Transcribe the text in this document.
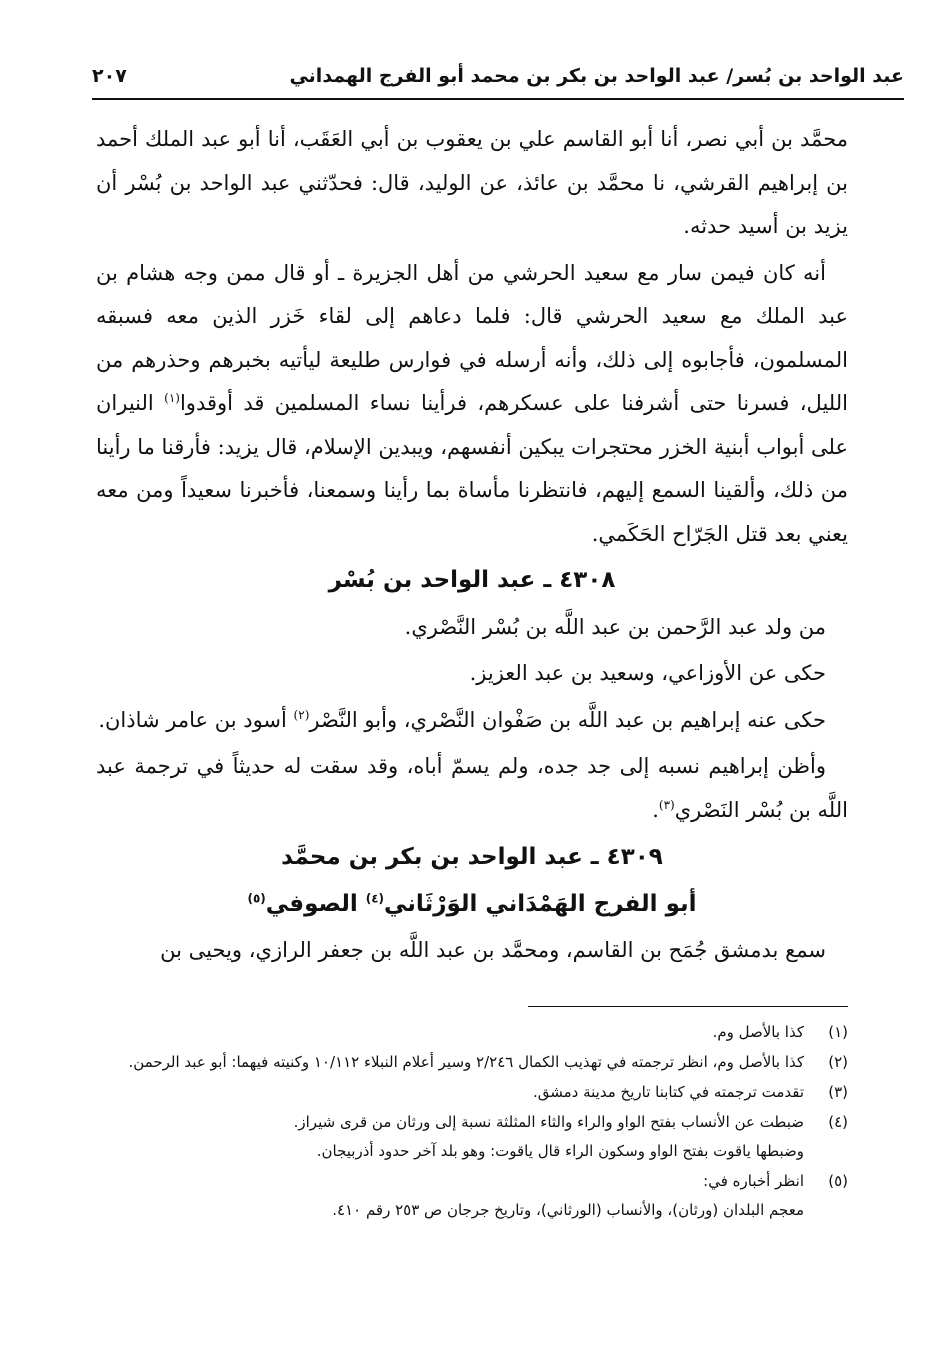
عبد الواحد بن بُسر/ عبد الواحد بن بكر بن محمد أبو الفرج الهمداني
٢٠٧

محمَّد بن أبي نصر، أنا أبو القاسم علي بن يعقوب بن أبي العَقَب، أنا أبو عبد الملك أحمد بن إبراهيم القرشي، نا محمَّد بن عائذ، عن الوليد، قال: فحدّثني عبد الواحد بن بُسْر أن يزيد بن أسيد حدثه.

أنه كان فيمن سار مع سعيد الحرشي من أهل الجزيرة ـ أو قال ممن وجه هشام بن عبد الملك مع سعيد الحرشي قال: فلما دعاهم إلى لقاء خَزر الذين معه فسبقه المسلمون، فأجابوه إلى ذلك، وأنه أرسله في فوارس طليعة ليأتيه بخبرهم وحذرهم من الليل، فسرنا حتى أشرفنا على عسكرهم، فرأينا نساء المسلمين قد أوقدوا$^{(١)}$ النيران على أبواب أبنية الخزر محتجرات يبكين أنفسهم، ويبدين الإسلام، قال يزيد: فأرقنا ما رأينا من ذلك، وألقينا السمع إليهم، فانتظرنا مأساة بما رأينا وسمعنا، فأخبرنا سعيداً ومن معه يعني بعد قتل الجَرّاح الحَكَمي.

٤٣٠٨ ـ عبد الواحد بن بُسْر

من ولد عبد الرَّحمن بن عبد اللَّه بن بُسْر النَّصْري.

حكى عن الأوزاعي، وسعيد بن عبد العزيز.

حكى عنه إبراهيم بن عبد اللَّه بن صَفْوان النَّصْري، وأبو النَّصْر$^{(٢)}$ أسود بن عامر شاذان.

وأظن إبراهيم نسبه إلى جد جده، ولم يسمّ أباه، وقد سقت له حديثاً في ترجمة عبد اللَّه بن بُسْر النَصْري$^{(٣)}$.

٤٣٠٩ ـ عبد الواحد بن بكر بن محمَّد

أبو الفرج الهَمْدَاني الوَرْثَاني$^{(٤)}$ الصوفي$^{(٥)}$

سمع بدمشق جُمَح بن القاسم، ومحمَّد بن عبد اللَّه بن جعفر الرازي، ويحيى بن

(١)
كذا بالأصل وم.
(٢)
كذا بالأصل وم، انظر ترجمته في تهذيب الكمال ٢/٢٤٦ وسير أعلام النبلاء ١٠/١١٢ وكنيته فيهما: أبو عبد الرحمن.
(٣)
تقدمت ترجمته في كتابنا تاريخ مدينة دمشق.
(٤)
ضبطت عن الأنساب بفتح الواو والراء والثاء المثلثة نسبة إلى ورثان من قرى شيراز.
وضبطها ياقوت بفتح الواو وسكون الراء قال ياقوت: وهو بلد آخر حدود أذربيجان.
(٥)
انظر أخباره في:
معجم البلدان (ورثان)، والأنساب (الورثاني)، وتاريخ جرجان ص ٢٥٣ رقم ٤١٠.
